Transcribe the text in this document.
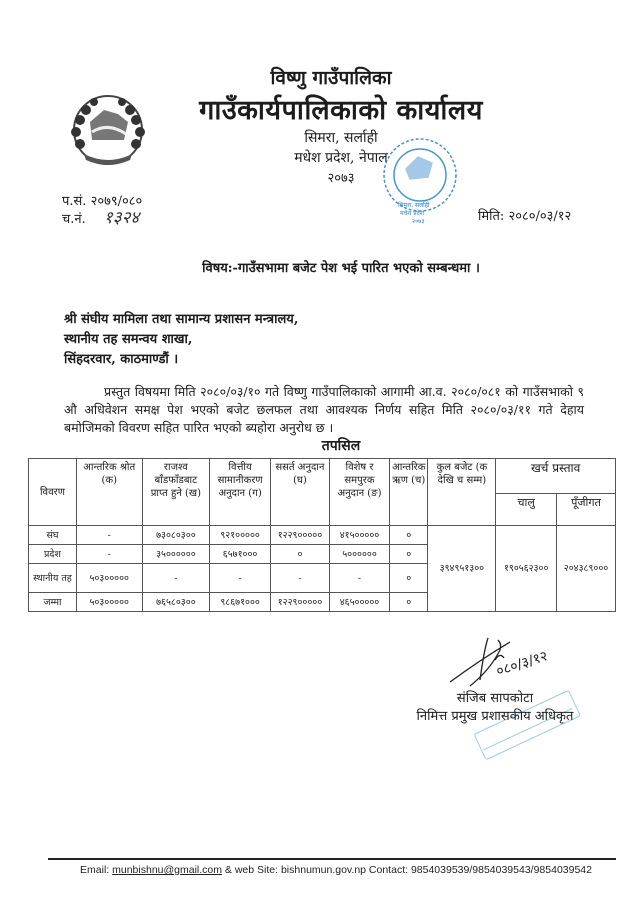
विष्णु गाउँपालिका
गाउँकार्यपालिकाको कार्यालय
सिमरा, सर्लाही
मधेश प्रदेश, नेपाल
२०७३
सिमरा, सर्लाही
मधेश प्रदेश
२०७३
प.सं. २०७९/०८०
च.नं. १३२४	मिति: २०८०/०३/१२
विषय:-गाउँसभामा बजेट पेश भई पारित भएको सम्बन्धमा ।
श्री संघीय मामिला तथा सामान्य प्रशासन मन्त्रालय,
स्थानीय तह समन्वय शाखा,
सिंहदरवार, काठमाण्डौं ।
प्रस्तुत विषयमा मिति २०८०/०३/१० गते विष्णु गाउँपालिकाको आगामी आ.व. २०८०/०८१ को गाउँसभाको ९ औ अधिवेशन समक्ष पेश भएको बजेट छलफल तथा आवश्यक निर्णय सहित मिति २०८०/०३/११ गते देहाय बमोजिमको विवरण सहित पारित भएको ब्यहोरा अनुरोध छ ।
तपसिल
विवरण	आन्तरिक श्रोत (क)	राजश्व बाँडफाँडबाट प्राप्त हुने (ख)	वित्तीय सामानीकरण अनुदान (ग)	ससर्त अनुदान (घ)	विशेष र समपुरक अनुदान (ङ)	आन्तरिक ऋण (च)	कुल बजेट (क देखि च सम्म)	खर्च प्रस्ताव	
								चालु	पूँजीगत
संघ	-	७३०८०३००	९२१०००००	१२२९०००००	४१५०००००	०	३९४९५१३००	१९०५६२३००	२०४३८९०००
प्रदेश	-	३५००००००	६५७१०००	०	५००००००	०			
स्थानीय तह	५०३०००००	-	-	-	-	०			
जम्मा	५०३०००००	७६५८०३००	९८६७१०००	१२२९०००००	४६५०००००	०			
०८०/३/१२
संजिब सापकोटा
निमित्त प्रमुख प्रशासकीय अधिकृत
Email: munbishnu@gmail.com & web Site: bishnumun.gov.np Contact: 9854039539/9854039543/9854039542
